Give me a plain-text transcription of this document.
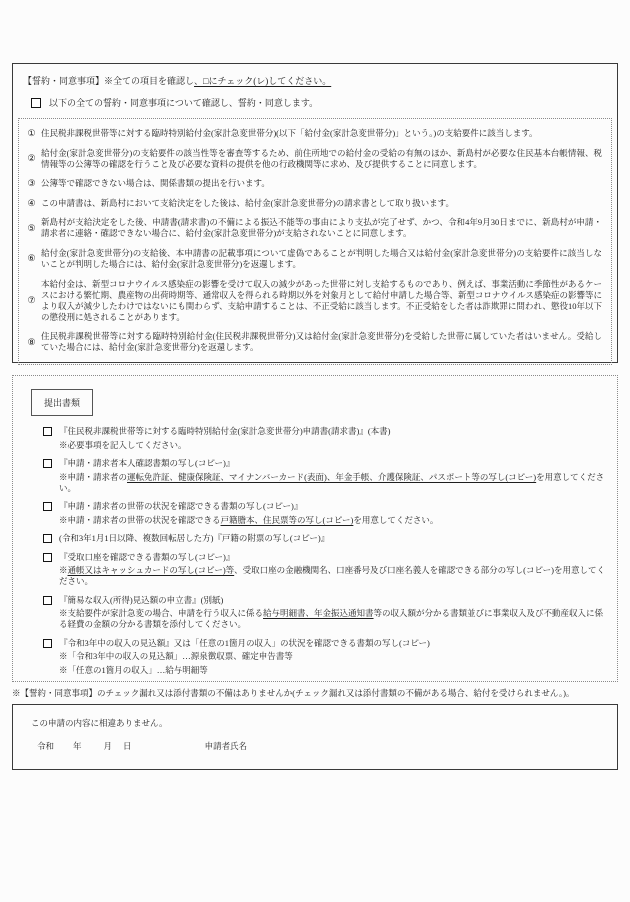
【誓約・同意事項】※全ての項目を確認し、□にチェック(レ)してください。
以下の全ての誓約・同意事項について確認し、誓約・同意します。
① 住民税非課税世帯等に対する臨時特別給付金(家計急変世帯分)(以下「給付金(家計急変世帯分)」という。)の支給要件に該当します。
②
給付金(家計急変世帯分)の支給要件の該当性等を審査等するため、前住所地での給付金の受給の有無のほか、新島村が必要な住民基本台帳情報、税情報等の公簿等の確認を行うこと及び必要な資料の提供を他の行政機関等に求め、及び提供することに同意します。
③ 公簿等で確認できない場合は、関係書類の提出を行います。
④ この申請書は、新島村において支給決定をした後は、給付金(家計急変世帯分)の請求書として取り扱います。
⑤
新島村が支給決定をした後、申請書(請求書)の不備による振込不能等の事由により支払が完了せず、かつ、令和4年9月30日までに、新島村が申請・請求者に連絡・確認できない場合に、給付金(家計急変世帯分)が支給されないことに同意します。
⑥
給付金(家計急変世帯分)の支給後、本申請書の記載事項について虚偽であることが判明した場合又は給付金(家計急変世帯分)の支給要件に該当しないことが判明した場合には、給付金(家計急変世帯分)を返還します。
⑦
本給付金は、新型コロナウイルス感染症の影響を受けて収入の減少があった世帯に対し支給するものであり、例えば、事業活動に季節性があるケースにおける繁忙期、農産物の出荷時期等、通常収入を得られる時期以外を対象月として給付申請した場合等、新型コロナウイルス感染症の影響等により収入が減少したわけではないにも関わらず、支給申請することは、不正受給に該当します。不正受給をした者は詐欺罪に問われ、懲役10年以下の懲役刑に処されることがあります。
⑧
住民税非課税世帯等に対する臨時特別給付金(住民税非課税世帯分)又は給付金(家計急変世帯分)を受給した世帯に属していた者はいません。受給していた場合には、給付金(家計急変世帯分)を返還します。
提出書類
『住民税非課税世帯等に対する臨時特別給付金(家計急変世帯分)申請書(請求書)』(本書)
※必要事項を記入してください。
『申請・請求者本人確認書類の写し(コピー)』
※申請・請求者の運転免許証、健康保険証、マイナンバーカード(表面)、年金手帳、介護保険証、パスポート等の写し(コピー)を用意してください。
『申請・請求者の世帯の状況を確認できる書類の写し(コピー)』
※申請・請求者の世帯の状況を確認できる戸籍謄本、住民票等の写し(コピー)を用意してください。
(令和3年1月1日以降、複数回転居した方)『戸籍の附票の写し(コピー)』
『受取口座を確認できる書類の写し(コピー)』
※通帳又はキャッシュカードの写し(コピー)等、受取口座の金融機関名、口座番号及び口座名義人を確認できる部分の写し(コピー)を用意してください。
『簡易な収入(所得)見込額の申立書』(別紙)
※支給要件が家計急変の場合、申請を行う収入に係る給与明細書、年金振込通知書等の収入額が分かる書類並びに事業収入及び不動産収入に係る経費の金額の分かる書類を添付してください。
『令和3年中の収入の見込額』又は「任意の1箇月の収入」の状況を確認できる書類の写し(コピー)
※「令和3年中の収入の見込額」…源泉徴収票、確定申告書等
※「任意の1箇月の収入」…給与明細等
※【誓約・同意事項】のチェック漏れ又は添付書類の不備はありませんか(チェック漏れ又は添付書類の不備がある場合、給付を受けられません。)。
この申請の内容に相違ありません。
令和 年	月 日	申請者氏名
